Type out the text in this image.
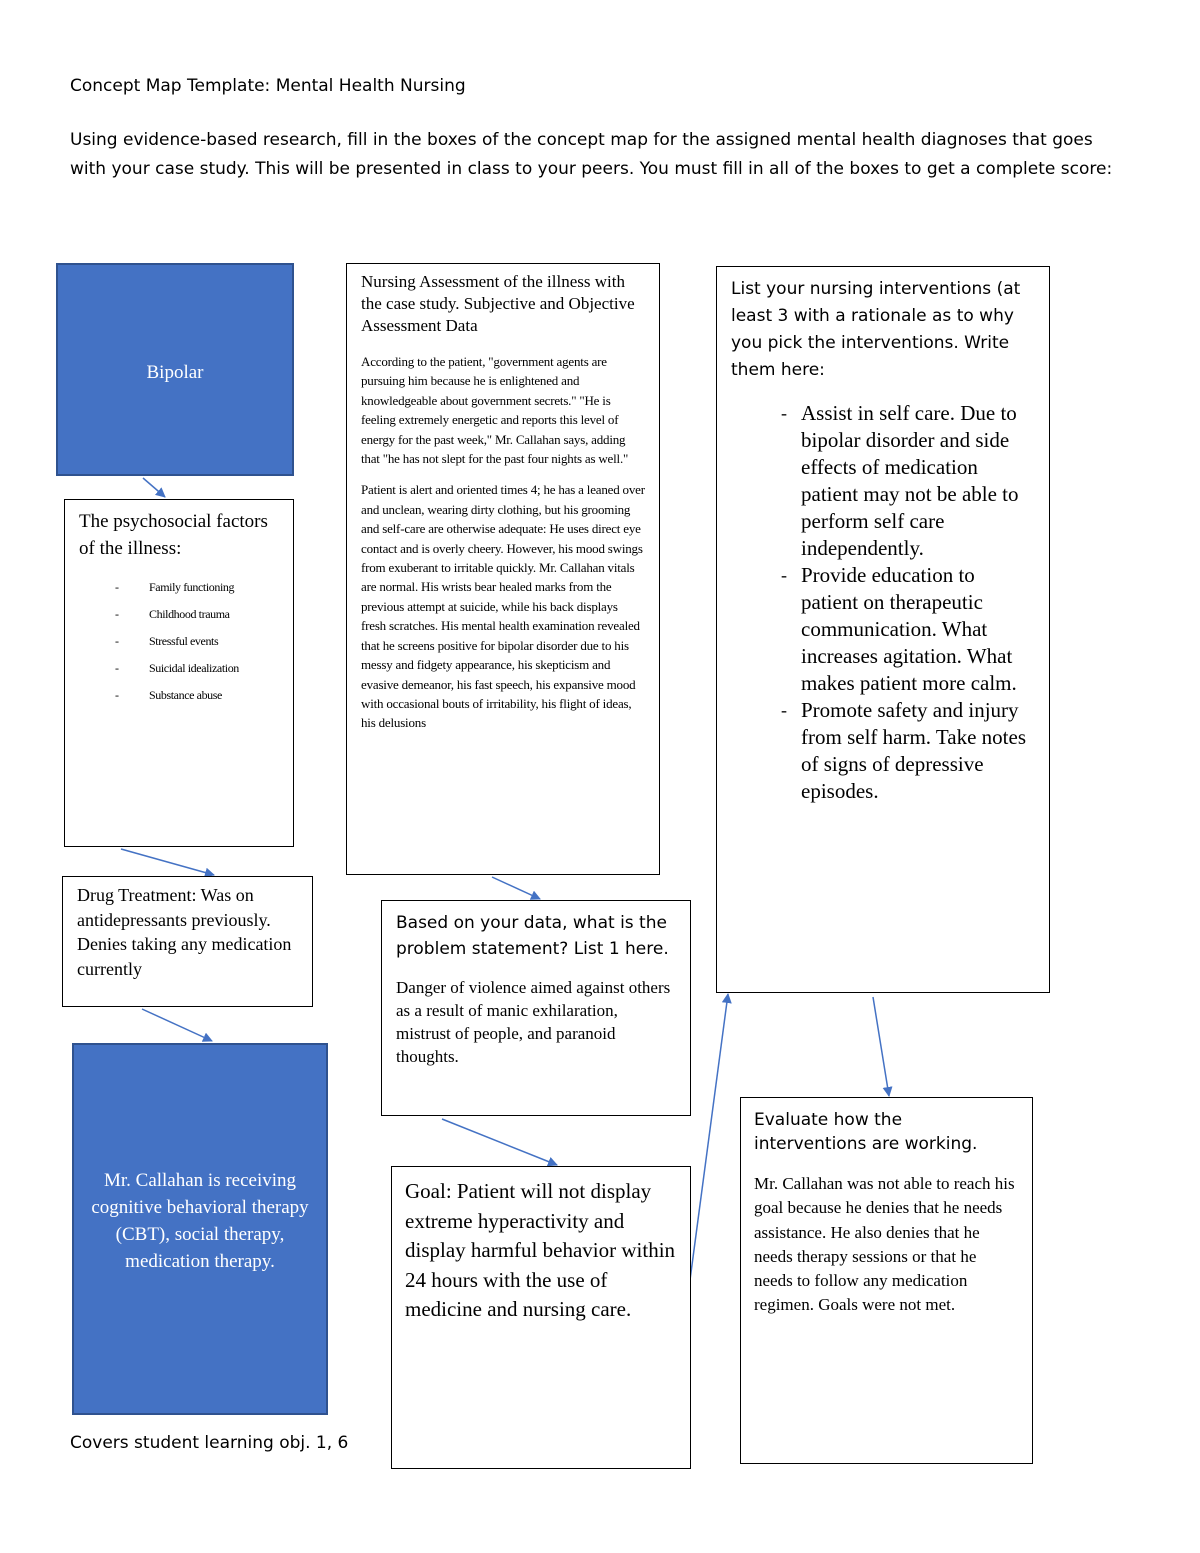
Concept Map Template: Mental Health Nursing
Using evidence-based research, fill in the boxes of the concept map for the assigned mental health diagnoses that goes with your case study. This will be presented in class to your peers. You must fill in all of the boxes to get a complete score:
Bipolar

The psychosocial factors of the illness:

- Family functioning
- Childhood trauma
- Stressful events
- Suicidal idealization
- Substance abuse

Nursing Assessment of the illness with the case study. Subjective and Objective Assessment Data

According to the patient, "government agents are pursuing him because he is enlightened and knowledgeable about government secrets." "He is feeling extremely energetic and reports this level of energy for the past week," Mr. Callahan says, adding that "he has not slept for the past four nights as well."

Patient is alert and oriented times 4; he has a leaned over and unclean, wearing dirty clothing, but his grooming and self-care are otherwise adequate: He uses direct eye contact and is overly cheery. However, his mood swings from exuberant to irritable quickly. Mr. Callahan vitals are normal. His wrists bear healed marks from the previous attempt at suicide, while his back displays fresh scratches. His mental health examination revealed that he screens positive for bipolar disorder due to his messy and fidgety appearance, his skepticism and evasive demeanor, his fast speech, his expansive mood with occasional bouts of irritability, his flight of ideas, his delusions

List your nursing interventions (at least 3 with a rationale as to why you pick the interventions. Write them here:

- Assist in self care. Due to bipolar disorder and side effects of medication patient may not be able to perform self care independently.
- Provide education to patient on therapeutic communication. What increases agitation. What makes patient more calm.
- Promote safety and injury from self harm. Take notes of signs of depressive episodes.
Drug Treatment: Was on antidepressants previously. Denies taking any medication currently

Based on your data, what is the problem statement? List 1 here.

Danger of violence aimed against others as a result of manic exhilaration, mistrust of people, and paranoid thoughts.
Mr. Callahan is receiving cognitive behavioral therapy (CBT), social therapy, medication therapy.
Goal: Patient will not display extreme hyperactivity and display harmful behavior within 24 hours with the use of medicine and nursing care.

Evaluate how the interventions are working.

Mr. Callahan was not able to reach his goal because he denies that he needs assistance. He also denies that he needs therapy sessions or that he needs to follow any medication regimen. Goals were not met.
Covers student learning obj. 1, 6
